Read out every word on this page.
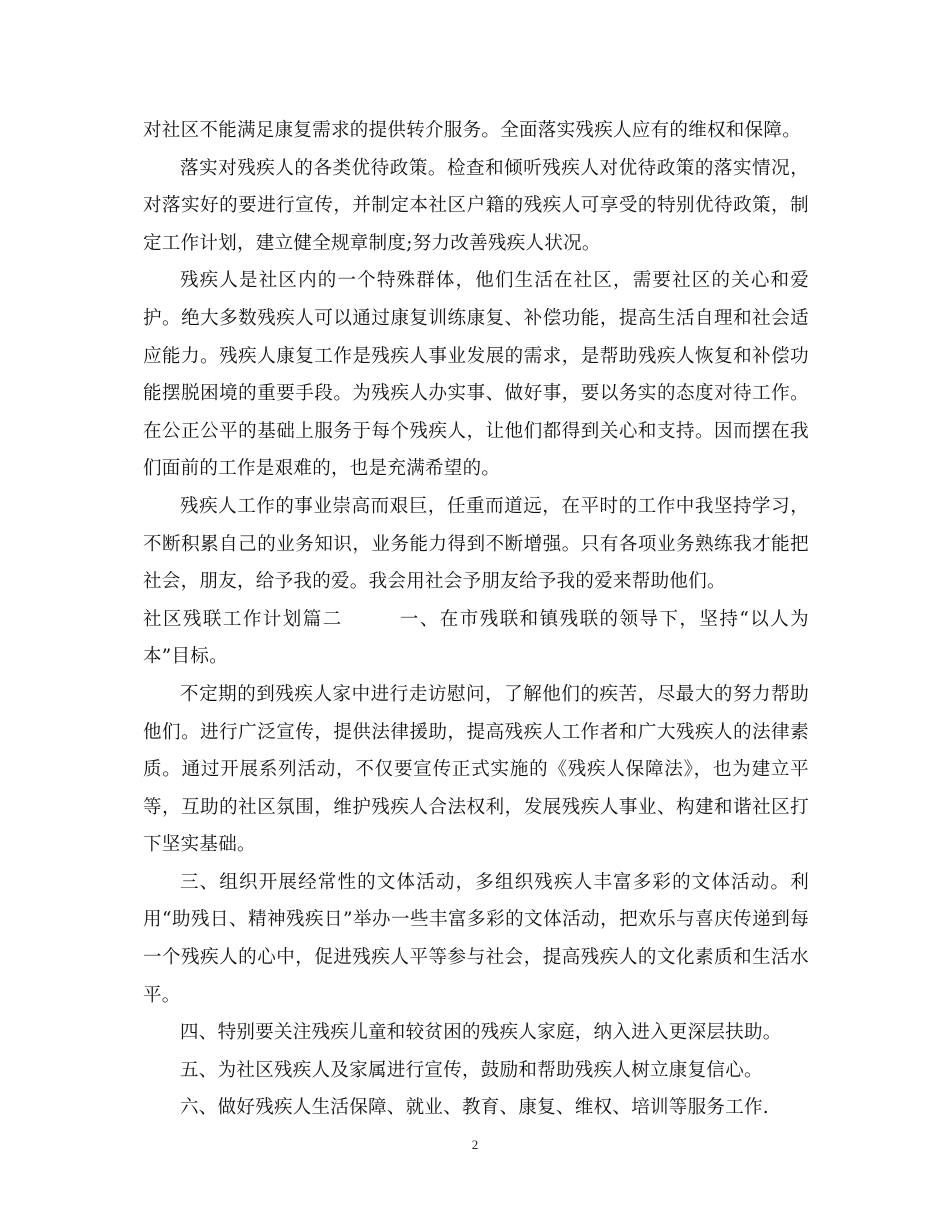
对社区不能满足康复需求的提供转介服务。全面落实残疾人应有的维权和保障。

落实对残疾人的各类优待政策。检查和倾听残疾人对优待政策的落实情况，对落实好的要进行宣传，并制定本社区户籍的残疾人可享受的特别优待政策，制定工作计划，建立健全规章制度;努力改善残疾人状况。

残疾人是社区内的一个特殊群体，他们生活在社区，需要社区的关心和爱护。绝大多数残疾人可以通过康复训练康复、补偿功能，提高生活自理和社会适应能力。残疾人康复工作是残疾人事业发展的需求，是帮助残疾人恢复和补偿功能摆脱困境的重要手段。为残疾人办实事、做好事，要以务实的态度对待工作。在公正公平的基础上服务于每个残疾人，让他们都得到关心和支持。因而摆在我们面前的工作是艰难的，也是充满希望的。

残疾人工作的事业崇高而艰巨，任重而道远，在平时的工作中我坚持学习，不断积累自己的业务知识，业务能力得到不断增强。只有各项业务熟练我才能把社会，朋友，给予我的爱。我会用社会予朋友给予我的爱来帮助他们。

社区残联工作计划篇二	一、在市残联和镇残联的领导下，坚持“以人为本”目标。

不定期的到残疾人家中进行走访慰问，了解他们的疾苦，尽最大的努力帮助他们。进行广泛宣传，提供法律援助，提高残疾人工作者和广大残疾人的法律素质。通过开展系列活动，不仅要宣传正式实施的《残疾人保障法》，也为建立平等，互助的社区氛围，维护残疾人合法权利，发展残疾人事业、构建和谐社区打下坚实基础。

三、组织开展经常性的文体活动，多组织残疾人丰富多彩的文体活动。利用“助残日、精神残疾日”举办一些丰富多彩的文体活动，把欢乐与喜庆传递到每一个残疾人的心中，促进残疾人平等参与社会，提高残疾人的文化素质和生活水平。

四、特别要关注残疾儿童和较贫困的残疾人家庭，纳入进入更深层扶助。

五、为社区残疾人及家属进行宣传，鼓励和帮助残疾人树立康复信心。

六、做好残疾人生活保障、就业、教育、康复、维权、培训等服务工作.

2
